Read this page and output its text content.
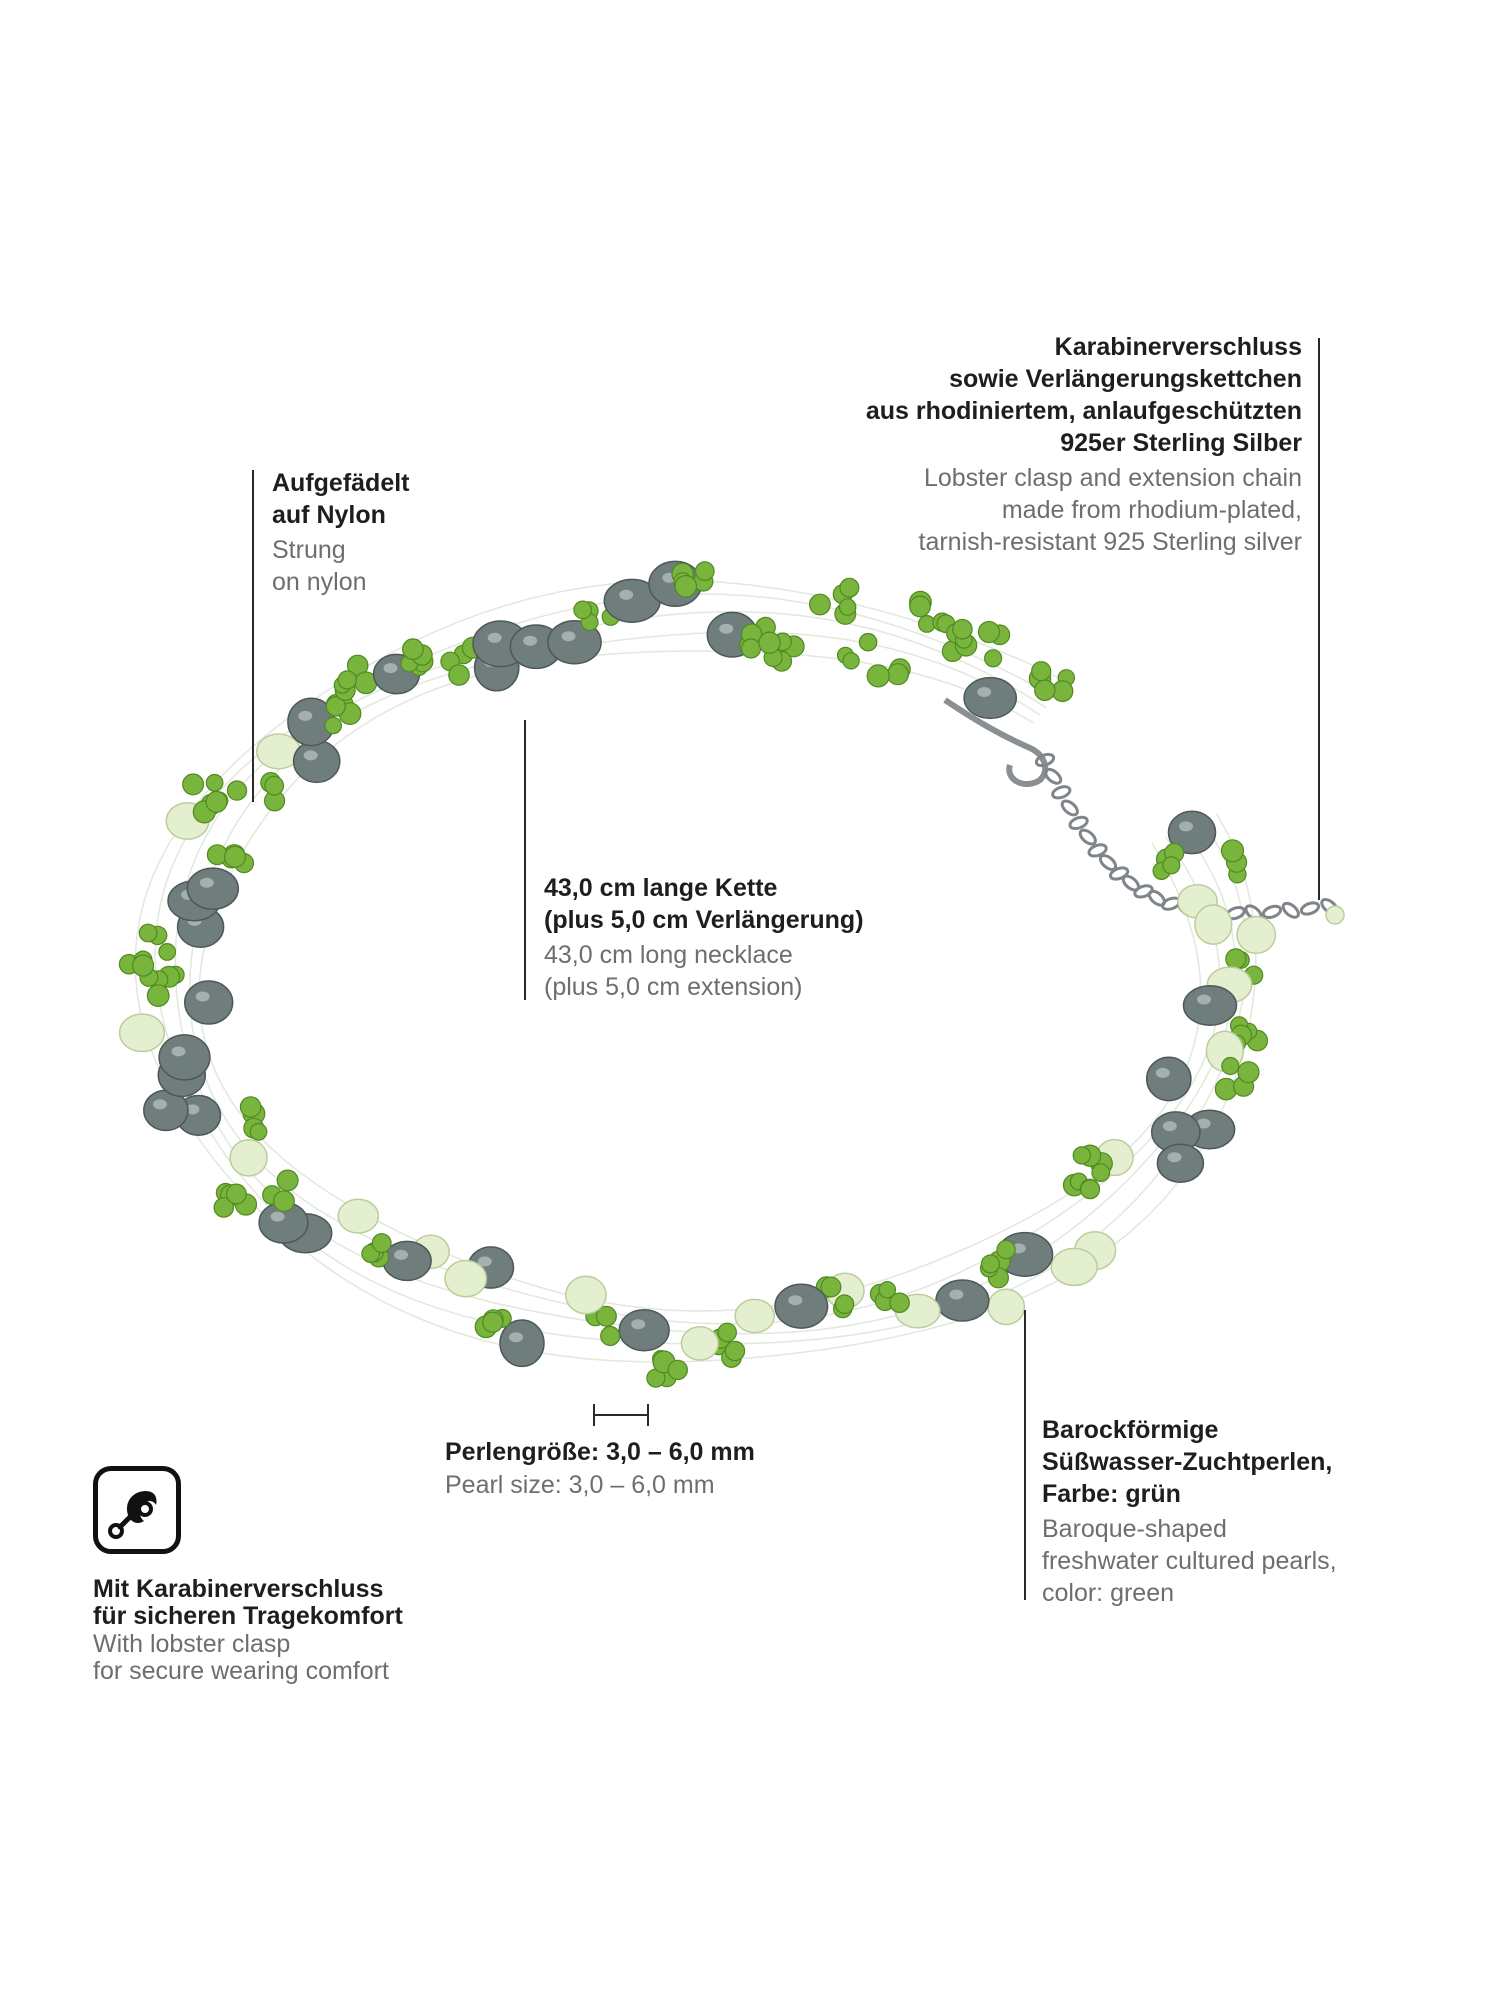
Karabinerverschluss
sowie Verlängerungskettchen
aus rhodiniertem, anlaufgeschützten
925er Sterling Silber
Lobster clasp and extension chain
made from rhodium-plated,
tarnish-resistant 925 Sterling silver
Aufgefädelt
auf Nylon
Strung
on nylon
43,0 cm lange Kette
(plus 5,0 cm Verlängerung)
43,0 cm long necklace
(plus 5,0 cm extension)
Perlengröße: 3,0 – 6,0 mm
Pearl size: 3,0 – 6,0 mm
Barockförmige
Süßwasser-Zuchtperlen,
Farbe: grün
Baroque-shaped
freshwater cultured pearls,
color: green
Mit Karabinerverschluss
für sicheren Tragekomfort
With lobster clasp
for secure wearing comfort
